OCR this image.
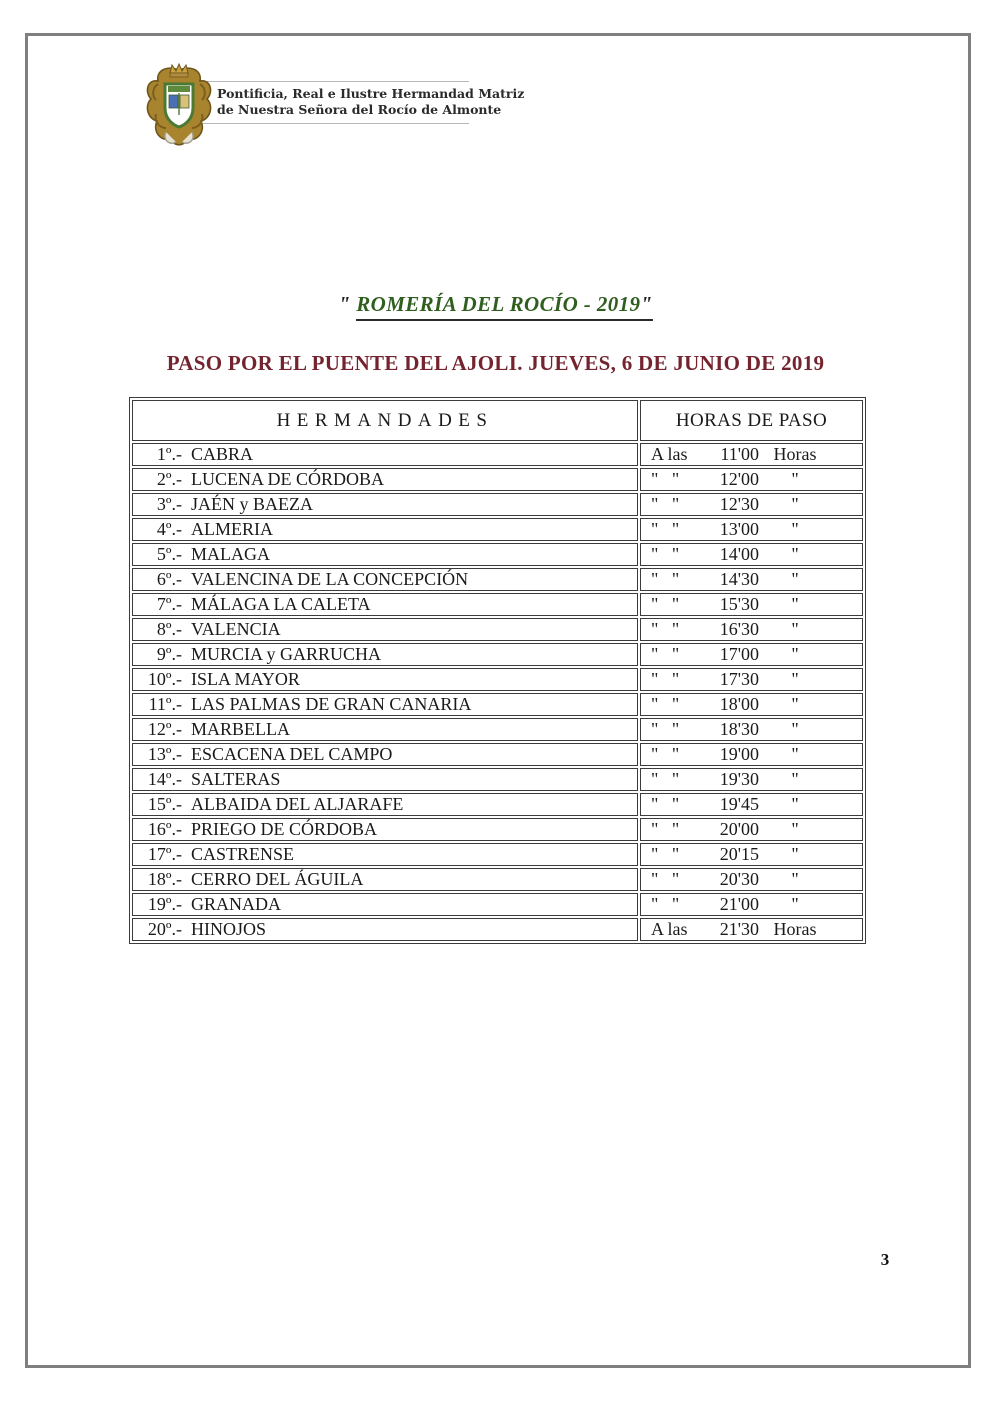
Pontificia, Real e Ilustre Hermandad Matriz
de Nuestra Señora del Rocío de Almonte
" ROMERÍA DEL ROCÍO - 2019"
PASO POR EL PUENTE DEL AJOLI. JUEVES, 6 DE JUNIO DE 2019
HERMANDADES	HORAS DE PASO
1º.- CABRA	A las 11'00 Horas
2º.- LUCENA DE CÓRDOBA	"   " 12'00 "
3º.- JAÉN y BAEZA	"   " 12'30 "
4º.- ALMERIA	"   " 13'00 "
5º.- MALAGA	"   " 14'00 "
6º.- VALENCINA DE LA CONCEPCIÓN	"   " 14'30 "
7º.- MÁLAGA LA CALETA	"   " 15'30 "
8º.- VALENCIA	"   " 16'30 "
9º.- MURCIA y GARRUCHA	"   " 17'00 "
10º.- ISLA MAYOR	"   " 17'30 "
11º.- LAS PALMAS DE GRAN CANARIA	"   " 18'00 "
12º.- MARBELLA	"   " 18'30 "
13º.- ESCACENA DEL CAMPO	"   " 19'00 "
14º.- SALTERAS	"   " 19'30 "
15º.- ALBAIDA DEL ALJARAFE	"   " 19'45 "
16º.- PRIEGO DE CÓRDOBA	"   " 20'00 "
17º.- CASTRENSE	"   " 20'15 "
18º.- CERRO DEL ÁGUILA	"   " 20'30 "
19º.- GRANADA	"   " 21'00 "
20º.- HINOJOS	A las 21'30 Horas
3
